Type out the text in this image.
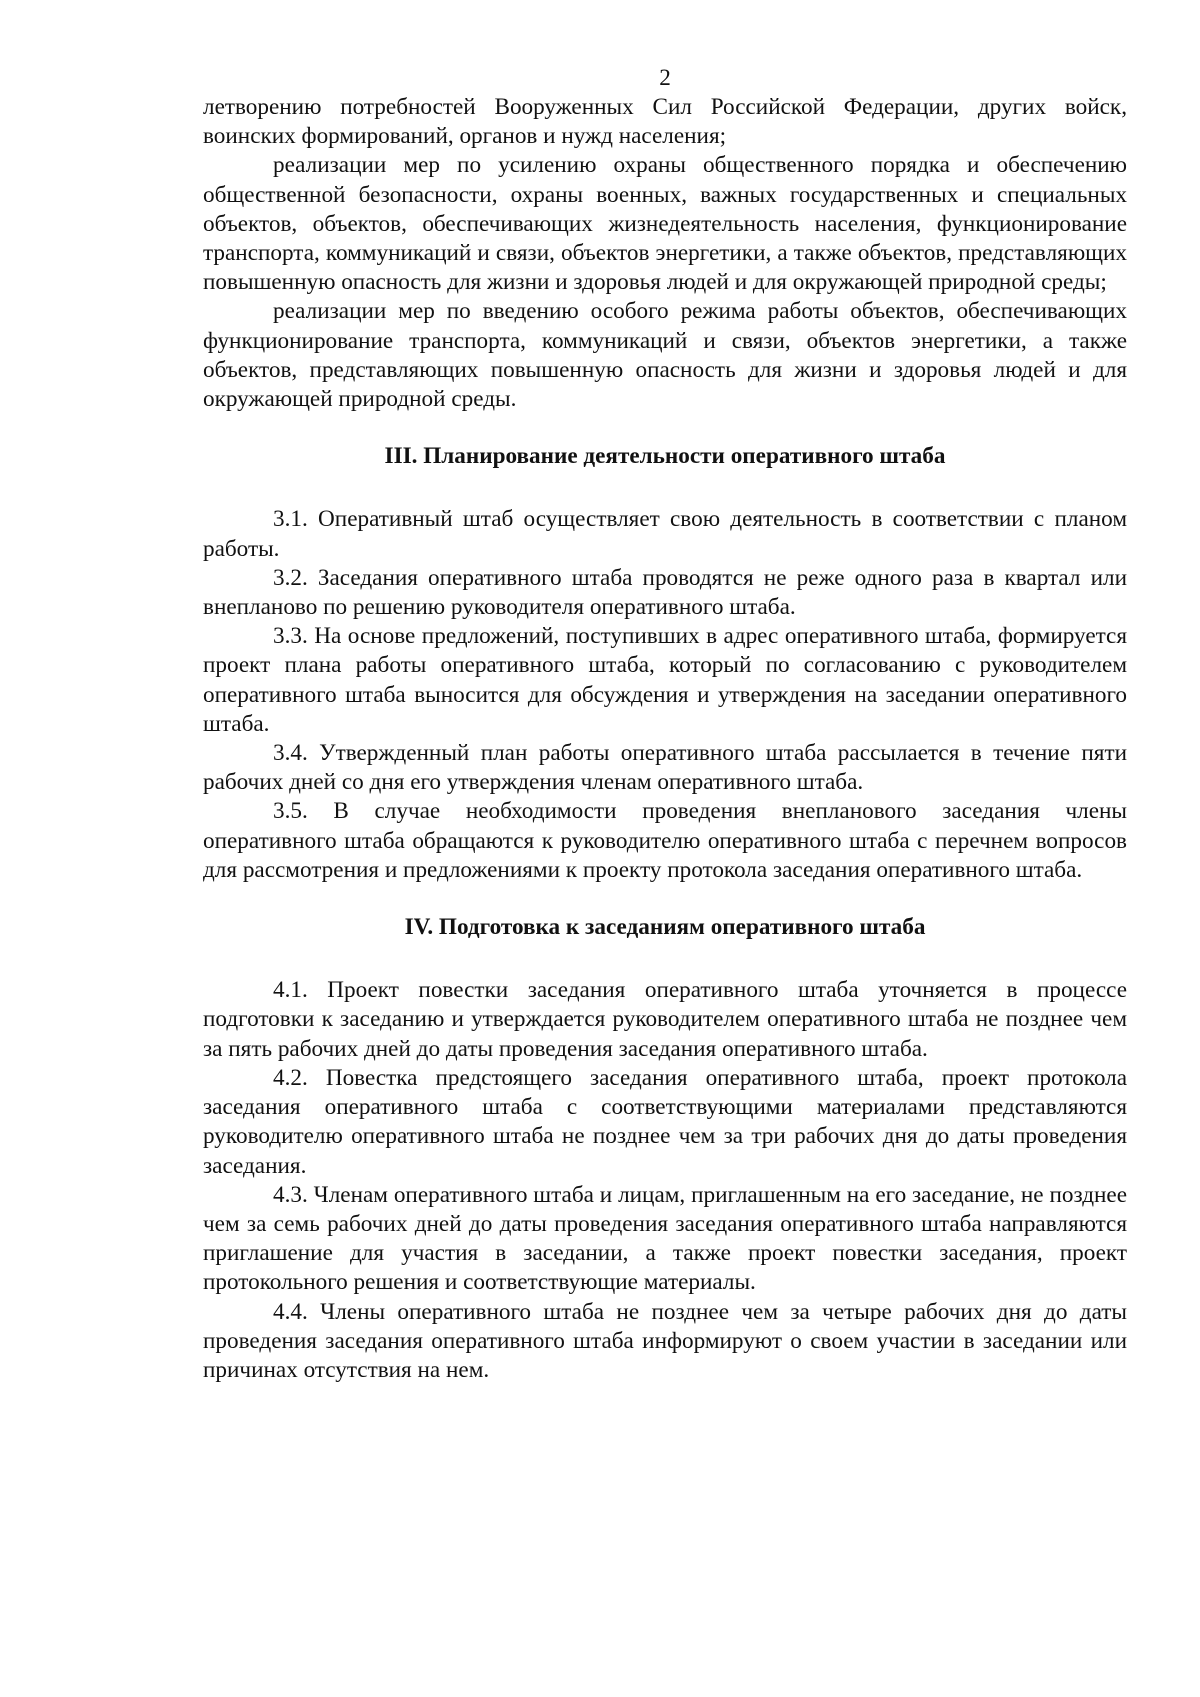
2

летворению потребностей Вооруженных Сил Российской Федерации, других войск, воинских формирований, органов и нужд населения;

реализации мер по усилению охраны общественного порядка и обеспечению общественной безопасности, охраны военных, важных государственных и специальных объектов, объектов, обеспечивающих жизнедеятельность населения, функционирование транспорта, коммуникаций и связи, объектов энергетики, а также объектов, представляющих повышенную опасность для жизни и здоровья людей и для окружающей природной среды;

реализации мер по введению особого режима работы объектов, обеспечивающих функционирование транспорта, коммуникаций и связи, объектов энергетики, а также объектов, представляющих повышенную опасность для жизни и здоровья людей и для окружающей природной среды.

III. Планирование деятельности оперативного штаба

3.1. Оперативный штаб осуществляет свою деятельность в соответствии с планом работы.

3.2. Заседания оперативного штаба проводятся не реже одного раза в квартал или внепланово по решению руководителя оперативного штаба.

3.3. На основе предложений, поступивших в адрес оперативного штаба, формируется проект плана работы оперативного штаба, который по согласованию с руководителем оперативного штаба выносится для обсуждения и утверждения на заседании оперативного штаба.

3.4. Утвержденный план работы оперативного штаба рассылается в течение пяти рабочих дней со дня его утверждения членам оперативного штаба.

3.5. В случае необходимости проведения внепланового заседания члены оперативного штаба обращаются к руководителю оперативного штаба с перечнем вопросов для рассмотрения и предложениями к проекту протокола заседания оперативного штаба.

IV. Подготовка к заседаниям оперативного штаба

4.1. Проект повестки заседания оперативного штаба уточняется в процессе подготовки к заседанию и утверждается руководителем оперативного штаба не позднее чем за пять рабочих дней до даты проведения заседания оперативного штаба.

4.2. Повестка предстоящего заседания оперативного штаба, проект протокола заседания оперативного штаба с соответствующими материалами представляются руководителю оперативного штаба не позднее чем за три рабочих дня до даты проведения заседания.

4.3. Членам оперативного штаба и лицам, приглашенным на его заседание, не позднее чем за семь рабочих дней до даты проведения заседания оперативного штаба направляются приглашение для участия в заседании, а также проект повестки заседания, проект протокольного решения и соответствующие материалы.

4.4. Члены оперативного штаба не позднее чем за четыре рабочих дня до даты проведения заседания оперативного штаба информируют о своем участии в заседании или причинах отсутствия на нем.
